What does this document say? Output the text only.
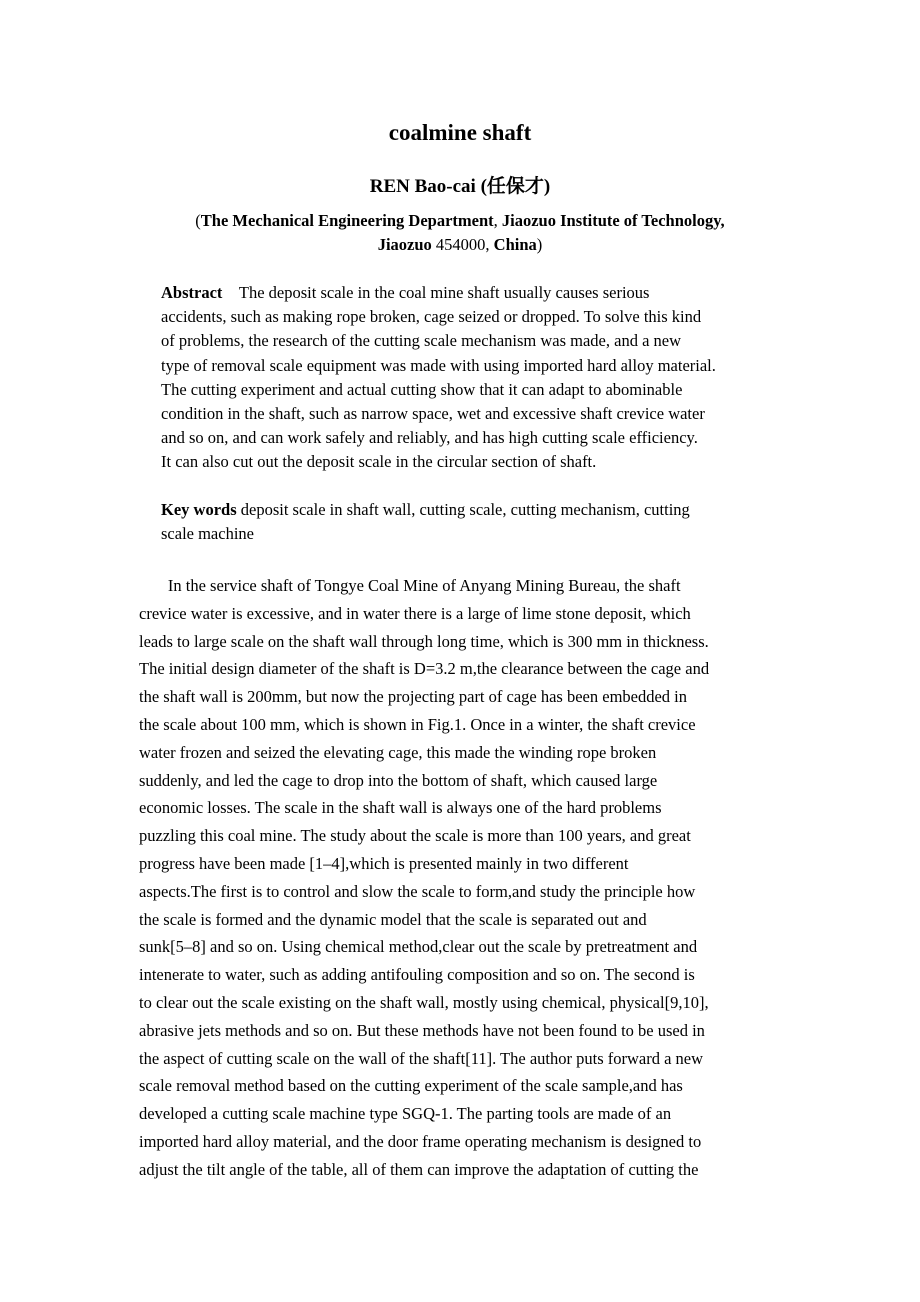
coalmine shaft
REN Bao-cai (任保才)
(The Mechanical Engineering Department, Jiaozuo Institute of Technology,
Jiaozuo 454000, China)
Abstract The deposit scale in the coal mine shaft usually causes serious
accidents, such as making rope broken, cage seized or dropped. To solve this kind
of problems, the research of the cutting scale mechanism was made, and a new
type of removal scale equipment was made with using imported hard alloy material.
The cutting experiment and actual cutting show that it can adapt to abominable
condition in the shaft, such as narrow space, wet and excessive shaft crevice water
and so on, and can work safely and reliably, and has high cutting scale efficiency.
It can also cut out the deposit scale in the circular section of shaft.
Key words deposit scale in shaft wall, cutting scale, cutting mechanism, cutting
scale machine
In the service shaft of Tongye Coal Mine of Anyang Mining Bureau, the shaft
crevice water is excessive, and in water there is a large of lime stone deposit, which
leads to large scale on the shaft wall through long time, which is 300 mm in thickness.
The initial design diameter of the shaft is D=3.2 m,the clearance between the cage and
the shaft wall is 200mm, but now the projecting part of cage has been embedded in
the scale about 100 mm, which is shown in Fig.1. Once in a winter, the shaft crevice
water frozen and seized the elevating cage, this made the winding rope broken
suddenly, and led the cage to drop into the bottom of shaft, which caused large
economic losses. The scale in the shaft wall is always one of the hard problems
puzzling this coal mine. The study about the scale is more than 100 years, and great
progress have been made [1–4],which is presented mainly in two different
aspects.The first is to control and slow the scale to form,and study the principle how
the scale is formed and the dynamic model that the scale is separated out and
sunk[5–8] and so on. Using chemical method,clear out the scale by pretreatment and
intenerate to water, such as adding antifouling composition and so on. The second is
to clear out the scale existing on the shaft wall, mostly using chemical, physical[9,10],
abrasive jets methods and so on. But these methods have not been found to be used in
the aspect of cutting scale on the wall of the shaft[11]. The author puts forward a new
scale removal method based on the cutting experiment of the scale sample,and has
developed a cutting scale machine type SGQ-1. The parting tools are made of an
imported hard alloy material, and the door frame operating mechanism is designed to
adjust the tilt angle of the table, all of them can improve the adaptation of cutting the
